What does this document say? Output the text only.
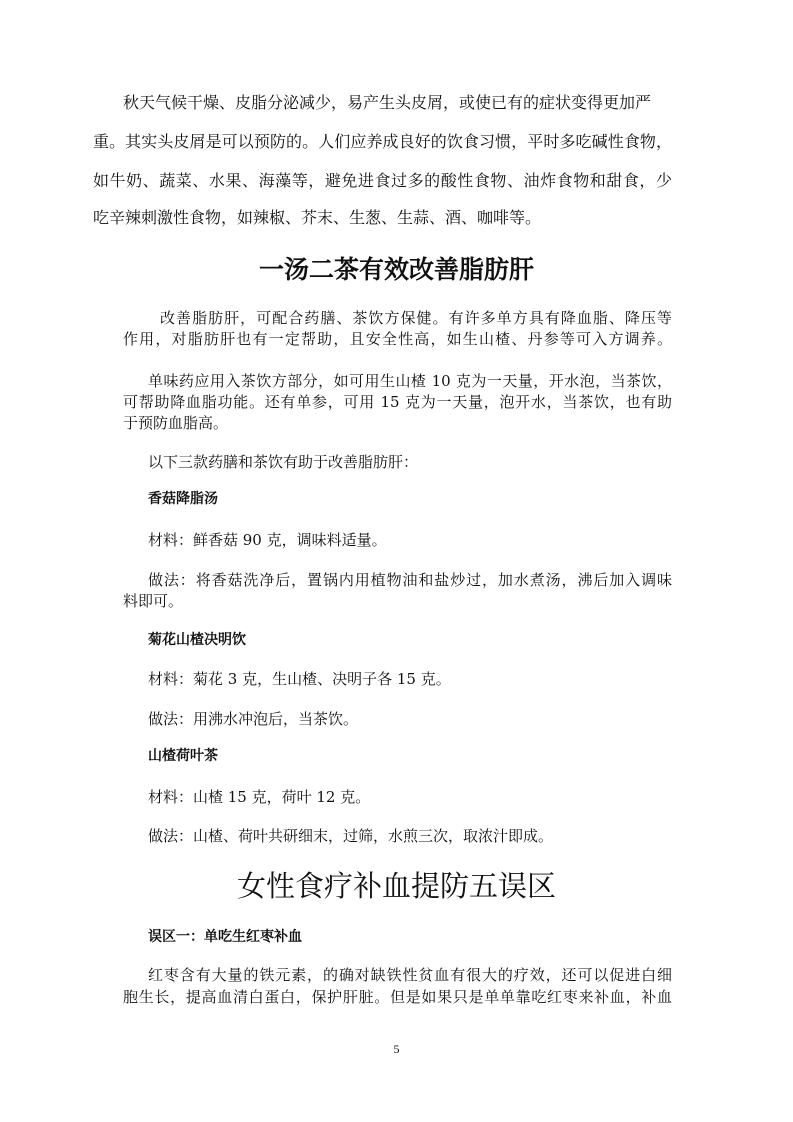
秋天气候干燥、皮脂分泌减少，易产生头皮屑，或使已有的症状变得更加严
重。其实头皮屑是可以预防的。人们应养成良好的饮食习惯，平时多吃碱性食物，
如牛奶、蔬菜、水果、海藻等，避免进食过多的酸性食物、油炸食物和甜食，少
吃辛辣刺激性食物，如辣椒、芥末、生葱、生蒜、酒、咖啡等。
一汤二茶有效改善脂肪肝
改善脂肪肝，可配合药膳、茶饮方保健。有许多单方具有降血脂、降压等
作用，对脂肪肝也有一定帮助，且安全性高，如生山楂、丹参等可入方调养。
单味药应用入茶饮方部分，如可用生山楂 10 克为一天量，开水泡，当茶饮，
可帮助降血脂功能。还有单参，可用 15 克为一天量，泡开水，当茶饮，也有助
于预防血脂高。
以下三款药膳和茶饮有助于改善脂肪肝：
香菇降脂汤
材料：鲜香菇 90 克，调味料适量。
做法：将香菇洗净后，置锅内用植物油和盐炒过，加水煮汤，沸后加入调味
料即可。
菊花山楂决明饮
材料：菊花 3 克，生山楂、决明子各 15 克。
做法：用沸水冲泡后，当茶饮。
山楂荷叶茶
材料：山楂 15 克，荷叶 12 克。
做法：山楂、荷叶共研细末，过筛，水煎三次，取浓汁即成。
女性食疗补血提防五误区
误区一：单吃生红枣补血
红枣含有大量的铁元素，的确对缺铁性贫血有很大的疗效，还可以促进白细
胞生长，提高血清白蛋白，保护肝脏。但是如果只是单单靠吃红枣来补血，补血
5
